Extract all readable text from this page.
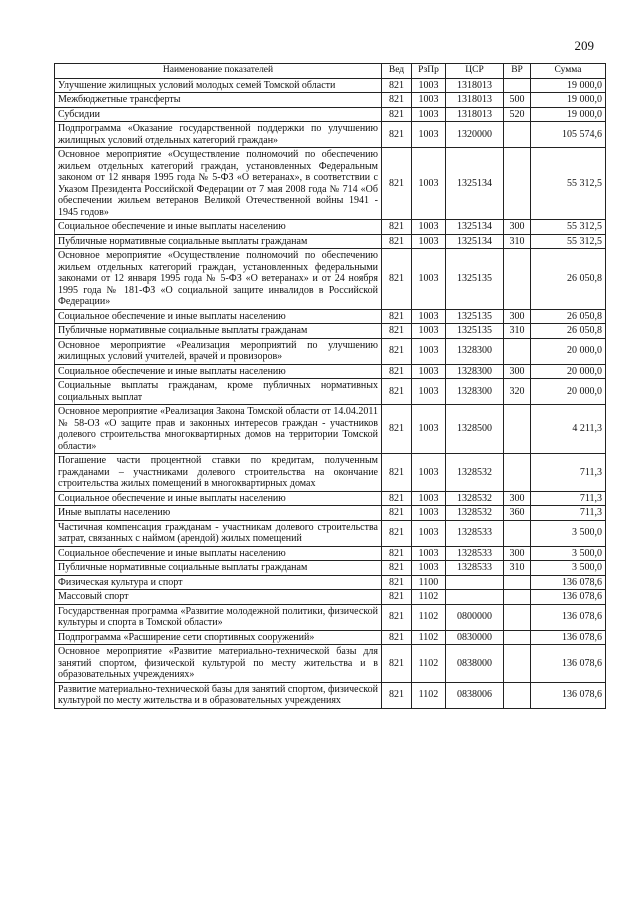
209
Наименование показателей	Вед	РзПр	ЦСР	ВР	Сумма
Улучшение жилищных условий молодых семей Томской области	821	1003	1318013		19 000,0
Межбюджетные трансферты	821	1003	1318013	500	19 000,0
Субсидии	821	1003	1318013	520	19 000,0
Подпрограмма «Оказание государственной поддержки по улучшению жилищных условий отдельных категорий граждан»	821	1003	1320000		105 574,6
Основное мероприятие «Осуществление полномочий по обеспечению жильем отдельных категорий граждан, установленных Федеральным законом от 12 января 1995 года № 5-ФЗ «О ветеранах», в соответствии с Указом Президента Российской Федерации от 7 мая 2008 года № 714 «Об обеспечении жильем ветеранов Великой Отечественной войны 1941 - 1945 годов»	821	1003	1325134		55 312,5
Социальное обеспечение и иные выплаты населению	821	1003	1325134	300	55 312,5
Публичные нормативные социальные выплаты гражданам	821	1003	1325134	310	55 312,5
Основное мероприятие «Осуществление полномочий по обеспечению жильем отдельных категорий граждан, установленных федеральными законами от 12 января 1995 года № 5-ФЗ «О ветеранах» и от 24 ноября 1995 года № 181-ФЗ «О социальной защите инвалидов в Российской Федерации»	821	1003	1325135		26 050,8
Социальное обеспечение и иные выплаты населению	821	1003	1325135	300	26 050,8
Публичные нормативные социальные выплаты гражданам	821	1003	1325135	310	26 050,8
Основное мероприятие «Реализация мероприятий по улучшению жилищных условий учителей, врачей и провизоров»	821	1003	1328300		20 000,0
Социальное обеспечение и иные выплаты населению	821	1003	1328300	300	20 000,0
Социальные выплаты гражданам, кроме публичных нормативных социальных выплат	821	1003	1328300	320	20 000,0
Основное мероприятие «Реализация Закона Томской области от 14.04.2011 № 58-ОЗ «О защите прав и законных интересов граждан - участников долевого строительства многоквартирных домов на территории Томской области»	821	1003	1328500		4 211,3
Погашение части процентной ставки по кредитам, полученным гражданами – участниками долевого строительства на окончание строительства жилых помещений в многоквартирных домах	821	1003	1328532		711,3
Социальное обеспечение и иные выплаты населению	821	1003	1328532	300	711,3
Иные выплаты населению	821	1003	1328532	360	711,3
Частичная компенсация гражданам - участникам долевого строительства затрат, связанных с наймом (арендой) жилых помещений	821	1003	1328533		3 500,0
Социальное обеспечение и иные выплаты населению	821	1003	1328533	300	3 500,0
Публичные нормативные социальные выплаты гражданам	821	1003	1328533	310	3 500,0
Физическая культура и спорт	821	1100			136 078,6
Массовый спорт	821	1102			136 078,6
Государственная программа «Развитие молодежной политики, физической культуры и спорта в Томской области»	821	1102	0800000		136 078,6
Подпрограмма «Расширение сети спортивных сооружений»	821	1102	0830000		136 078,6
Основное мероприятие «Развитие материально-технической базы для занятий спортом, физической культурой по месту жительства и в образовательных учреждениях»	821	1102	0838000		136 078,6
Развитие материально-технической базы для занятий спортом, физической культурой по месту жительства и в образовательных учреждениях	821	1102	0838006		136 078,6
